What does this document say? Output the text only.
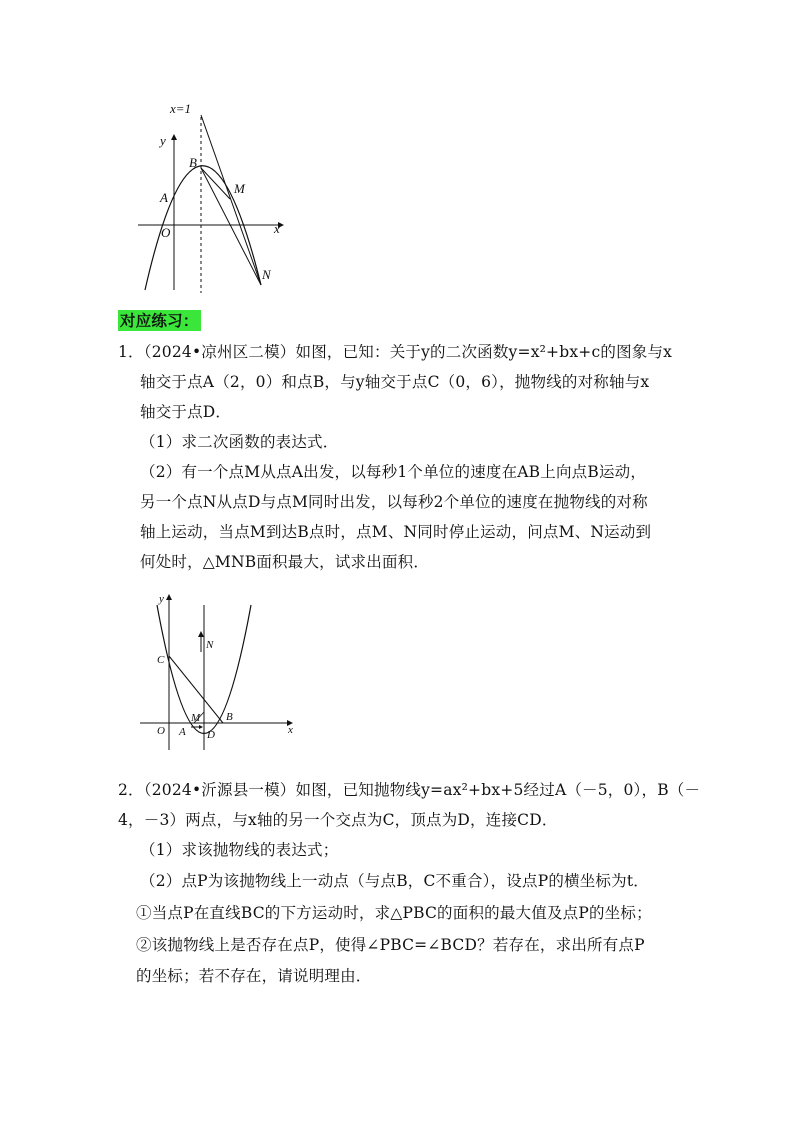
x=1
y
x
O
A
B
M
N
对应练习：
1．（2024•凉州区二模）如图，已知：关于y的二次函数y=x²+bx+c的图象与x
轴交于点A（2，0）和点B，与y轴交于点C（0，6），抛物线的对称轴与x
轴交于点D．
（1）求二次函数的表达式．
（2）有一个点M从点A出发，以每秒1个单位的速度在AB上向点B运动，
另一个点N从点D与点M同时出发，以每秒2个单位的速度在抛物线的对称
轴上运动，当点M到达B点时，点M、N同时停止运动，问点M、N运动到
何处时，△MNB面积最大，试求出面积．
y
x
O A
B
C
D
M
N
2．（2024•沂源县一模）如图，已知抛物线y=ax²+bx+5经过A（－5，0），B（－
4，－3）两点，与x轴的另一个交点为C，顶点为D，连接CD．
（1）求该抛物线的表达式；
（2）点P为该抛物线上一动点（与点B，C不重合），设点P的横坐标为t．
①当点P在直线BC的下方运动时，求△PBC的面积的最大值及点P的坐标；
②该抛物线上是否存在点P，使得∠PBC=∠BCD？若存在，求出所有点P
的坐标；若不存在，请说明理由．
